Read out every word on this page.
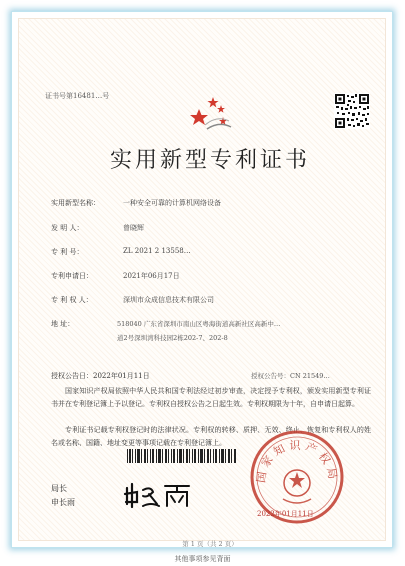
证书号第16481…号
实用新型专利证书
实用新型名称：	一种安全可靠的计算机网络设备
发 明 人：	曾晓辉
专 利 号：	ZL 2021 2 13558…
专利申请日：	2021年06月17日
专 利 权 人：	深圳市众成信息技术有限公司
地 址：	518040 广东省深圳市南山区粤海街道高新社区高新中…
道2号深圳湾科技园2栋202-7、202-8
授权公告日：2022年01月11日	授权公告号：CN 21549…
国家知识产权局依照中华人民共和国专利法经过初步审查，决定授予专利权，颁发实用新型专利证书并在专利登记簿上予以登记。专利权自授权公告之日起生效。专利权期限为十年，自申请日起算。
专利证书记载专利权登记时的法律状况。专利权的转移、质押、无效、终止、恢复和专利权人的姓名或名称、国籍、地址变更等事项记载在专利登记簿上。
局长
申长雨
国家知识产权局
2022年01月11日
第 1 页（共 2 页）
其他事项参见背面
